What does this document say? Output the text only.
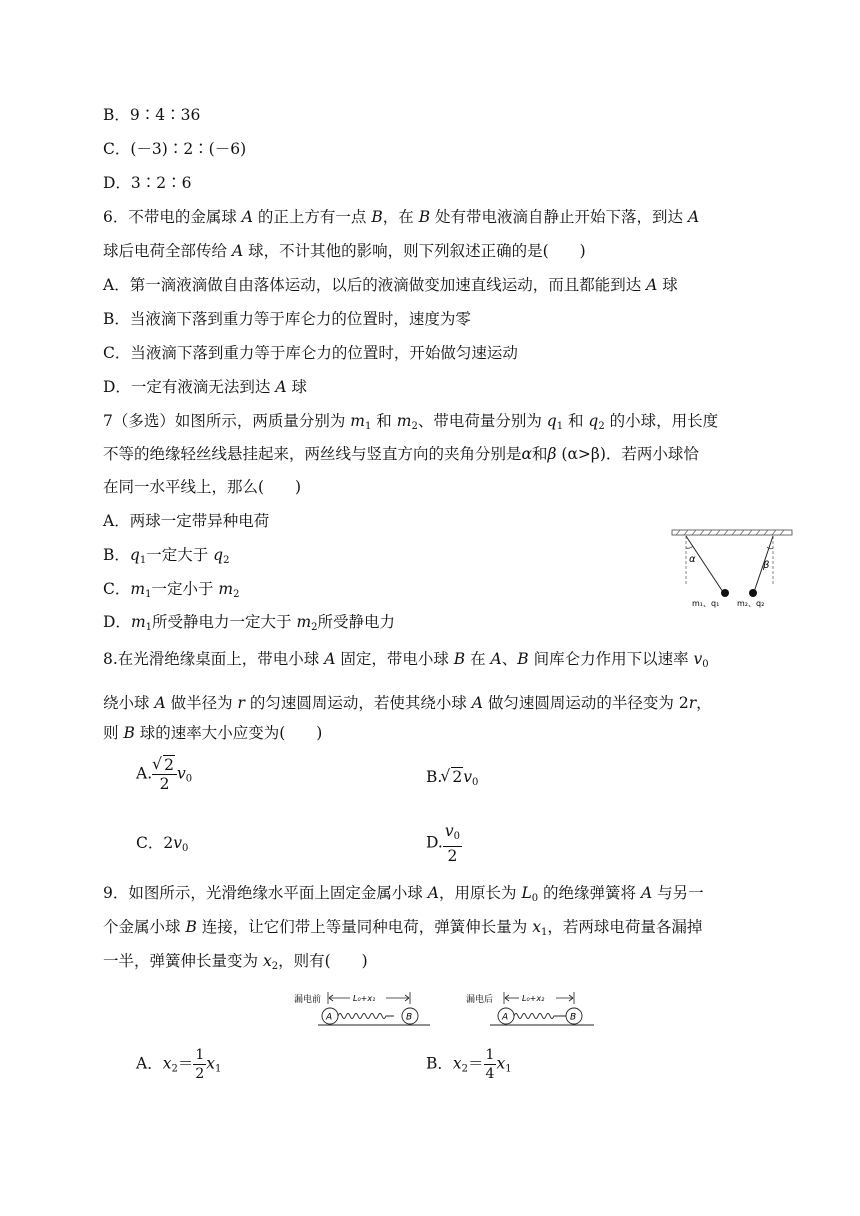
B．9∶4∶36
C．(－3)∶2∶(－6)
D．3∶2∶6
6．不带电的金属球 A 的正上方有一点 B，在 B 处有带电液滴自静止开始下落，到达 A
球后电荷全部传给 A 球，不计其他的影响，则下列叙述正确的是(　　)
A．第一滴液滴做自由落体运动，以后的液滴做变加速直线运动，而且都能到达 A 球
B．当液滴下落到重力等于库仑力的位置时，速度为零
C．当液滴下落到重力等于库仑力的位置时，开始做匀速运动
D．一定有液滴无法到达 A 球
7（多选）如图所示，两质量分别为 $m_1$ 和 $m_2$、带电荷量分别为 $q_1$ 和 $q_2$ 的小球，用长度
不等的绝缘轻丝线悬挂起来，两丝线与竖直方向的夹角分别是α和β (α>β)．若两小球恰
在同一水平线上，那么(　　)
A．两球一定带异种电荷
B．$q_1$一定大于 $q_2$
C．$m_1$一定小于 $m_2$
D．$m_1$所受静电力一定大于 $m_2$所受静电力
α
β
m₁、q₁ m₂、q₂
8.在光滑绝缘桌面上，带电小球 A 固定，带电小球 B 在 A、B 间库仑力作用下以速率 $v_0$
绕小球 A 做半径为 r 的匀速圆周运动，若使其绕小球 A 做匀速圆周运动的半径变为 2r，
则 B 球的速率大小应变为(　　)
A. √ $\frac{2}{2} v_0$	B. √ $2v_0$
C．$2v_0$	D. $\frac{v_0}{2}$
9．如图所示，光滑绝缘水平面上固定金属小球 A，用原长为 $L_0$ 的绝缘弹簧将 A 与另一
个金属小球 B 连接，让它们带上等量同种电荷，弹簧伸长量为 $x_1$，若两球电荷量各漏掉
一半，弹簧伸长量变为 $x_2$，则有(　　)
漏电前	L₀+x₁
A	B
漏电后	L₀+x₂
A	B
A．$x_2= \frac{1}{2} x_1$	B．$x_2= \frac{1}{4} x_1$
